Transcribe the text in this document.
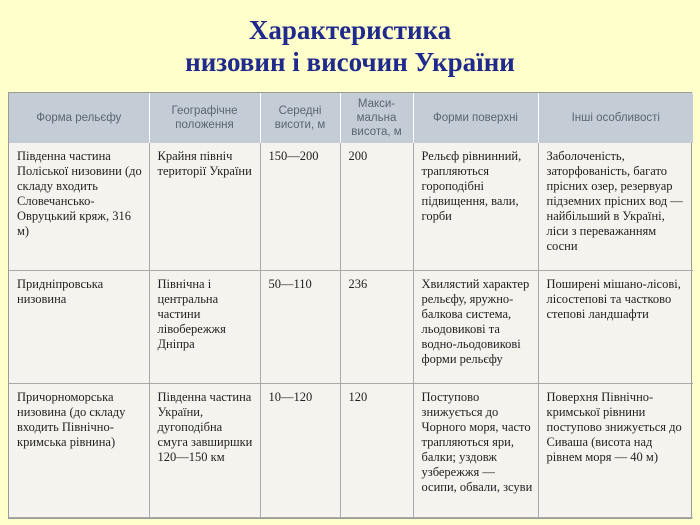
Характеристика
низовин і височин України
Форма рельєфу	Географічне положення	Середні висоти, м	Макси-мальна висота, м	Форми поверхні	Інші особливості
Південна частина Поліської низовини (до складу входить Словечансько-Овруцький кряж, 316 м)	Крайня північ території України	150—200	200	Рельєф рівнинний, трапляються гороподібні підвищення, вали, горби	Заболоченість, заторфованість, багато прісних озер, резервуар підземних прісних вод — найбільший в Україні, ліси з переважанням сосни
Придніпровська низовина	Північна і центральна частини лівобережжя Дніпра	50—110	236	Хвилястий характер рельєфу, яружно-балкова система, льодовикові та водно-льодовикові форми рельєфу	Поширені мішано-лісові, лісостепові та частково степові ландшафти
Причорноморська низовина (до складу входить Північно-кримська рівнина)	Південна частина України, дугоподібна смуга завширшки 120—150 км	10—120	120	Поступово знижується до Чорного моря, часто трапляються яри, балки; уздовж узбережжя — осипи, обвали, зсуви	Поверхня Північно-кримської рівнини поступово знижується до Сиваша (висота над рівнем моря — 40 м)
